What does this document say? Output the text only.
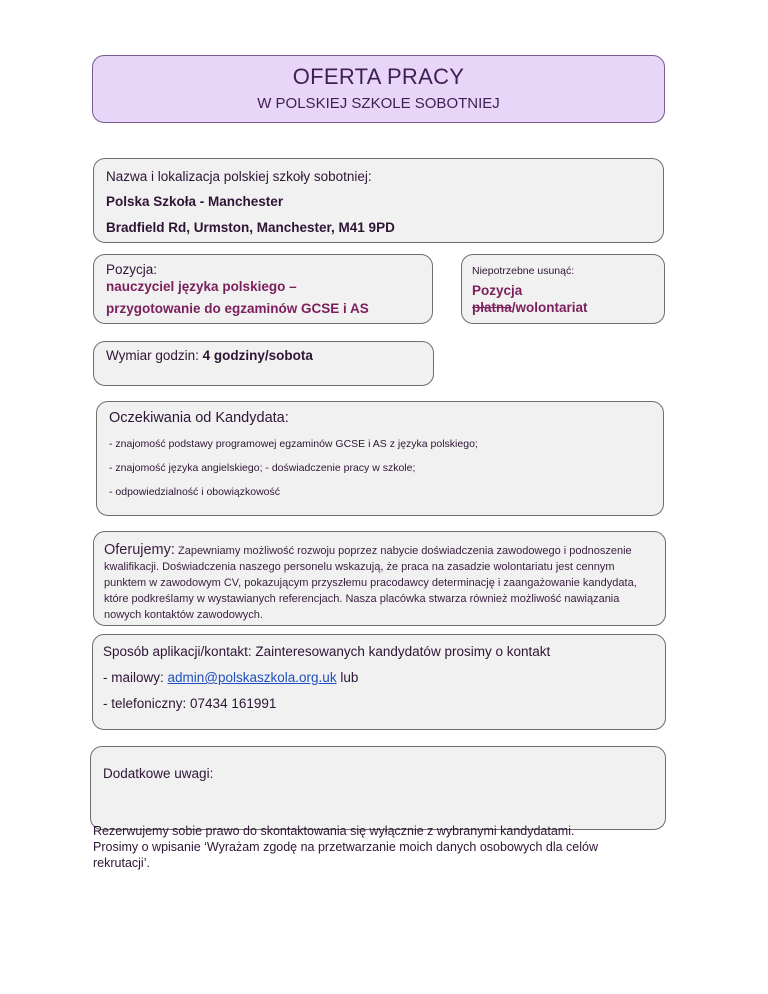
OFERTA PRACY
W POLSKIEJ SZKOLE SOBOTNIEJ
Nazwa i lokalizacja polskiej szkoły sobotniej:
Polska Szkoła - Manchester
Bradfield Rd, Urmston, Manchester, M41 9PD
Pozycja:
nauczyciel języka polskiego –
przygotowanie do egzaminów GCSE i AS
Niepotrzebne usunąć:
Pozycja
płatna/wolontariat
Wymiar godzin: 4 godziny/sobota
Oczekiwania od Kandydata:
- znajomość podstawy programowej egzaminów GCSE i AS z języka polskiego;
- znajomość języka angielskiego; - doświadczenie pracy w szkole;
- odpowiedzialność i obowiązkowość
Oferujemy: Zapewniamy możliwość rozwoju poprzez nabycie doświadczenia zawodowego i podnoszenie kwalifikacji. Doświadczenia naszego personelu wskazują, że praca na zasadzie wolontariatu jest cennym punktem w zawodowym CV, pokazującym przyszłemu pracodawcy determinację i zaangażowanie kandydata, które podkreślamy w wystawianych referencjach. Nasza placówka stwarza również możliwość nawiązania nowych kontaktów zawodowych.
Sposób aplikacji/kontakt: Zainteresowanych kandydatów prosimy o kontakt
- mailowy: admin@polskaszkola.org.uk lub
- telefoniczny: 07434 161991
Dodatkowe uwagi:
Rezerwujemy sobie prawo do skontaktowania się wyłącznie z wybranymi kandydatami.
Prosimy o wpisanie ‘Wyrażam zgodę na przetwarzanie moich danych osobowych dla celów rekrutacji’.
